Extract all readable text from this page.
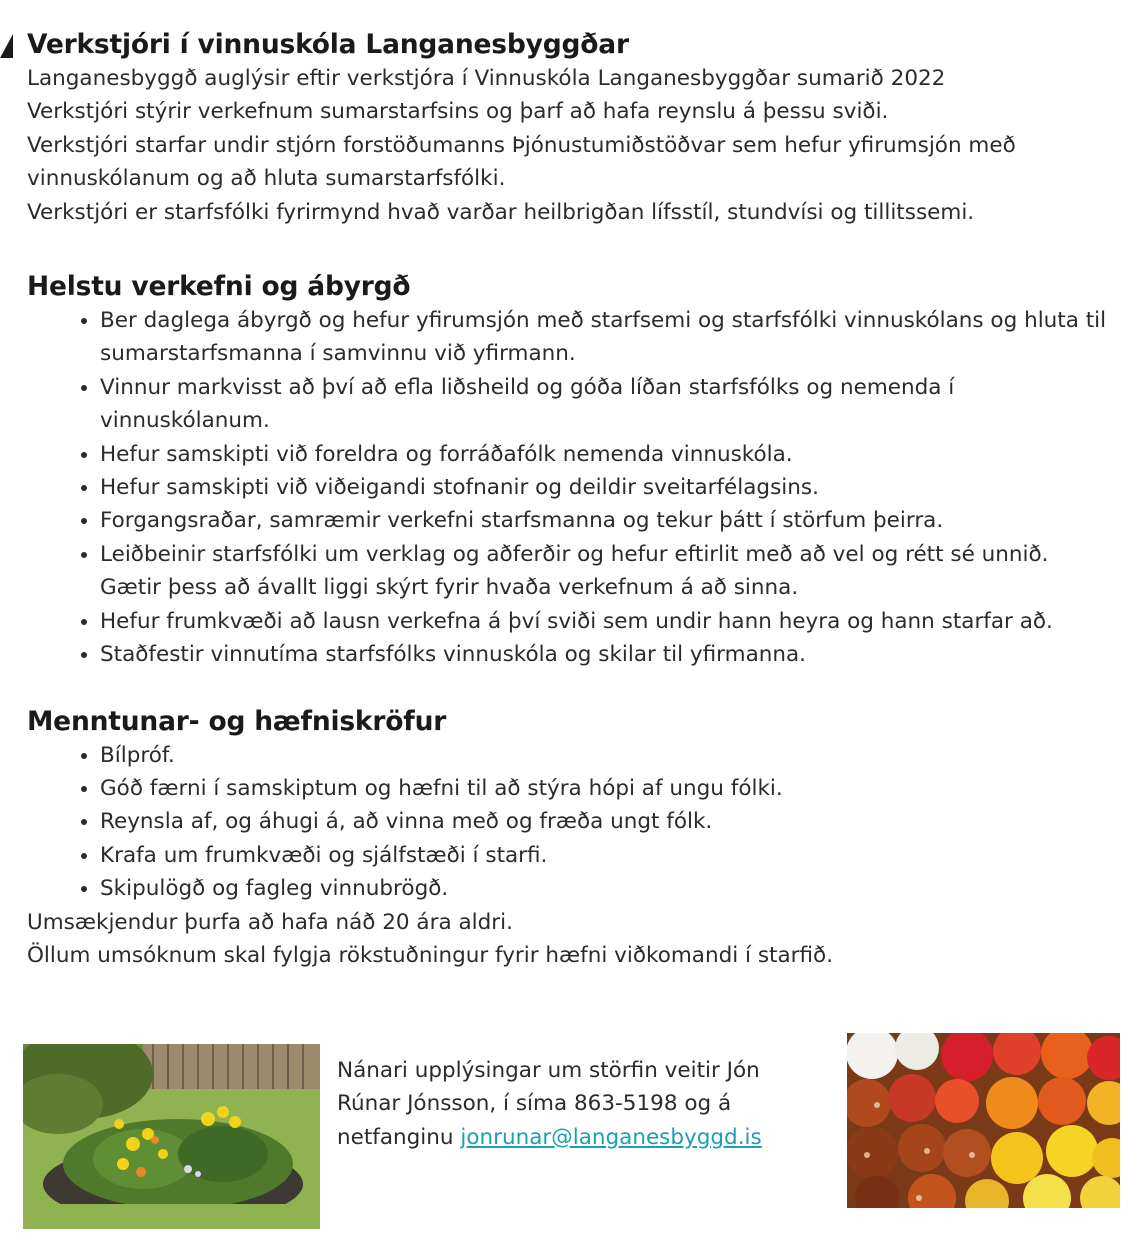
Verkstjóri í vinnuskóla Langanesbyggðar

Langanesbyggð auglýsir eftir verkstjóra í Vinnuskóla Langanesbyggðar sumarið 2022

Verkstjóri stýrir verkefnum sumarstarfsins og þarf að hafa reynslu á þessu sviði.

Verkstjóri starfar undir stjórn forstöðumanns Þjónustumiðstöðvar sem hefur yfirumsjón með vinnuskólanum og að hluta sumarstarfsfólki.

Verkstjóri er starfsfólki fyrirmynd hvað varðar heilbrigðan lífsstíl, stundvísi og tillitssemi.

Helstu verkefni og ábyrgð
• Ber daglega ábyrgð og hefur yfirumsjón með starfsemi og starfsfólki vinnuskólans og hluta til sumarstarfsmanna í samvinnu við yfirmann.
• Vinnur markvisst að því að efla liðsheild og góða líðan starfsfólks og nemenda í vinnuskólanum.
• Hefur samskipti við foreldra og forráðafólk nemenda vinnuskóla.
• Hefur samskipti við viðeigandi stofnanir og deildir sveitarfélagsins.
• Forgangsraðar, samræmir verkefni starfsmanna og tekur þátt í störfum þeirra.
• Leiðbeinir starfsfólki um verklag og aðferðir og hefur eftirlit með að vel og rétt sé unnið. Gætir þess að ávallt liggi skýrt fyrir hvaða verkefnum á að sinna.
• Hefur frumkvæði að lausn verkefna á því sviði sem undir hann heyra og hann starfar að.
• Staðfestir vinnutíma starfsfólks vinnuskóla og skilar til yfirmanna.
Menntunar- og hæfniskröfur
• Bílpróf.
• Góð færni í samskiptum og hæfni til að stýra hópi af ungu fólki.
• Reynsla af, og áhugi á, að vinna með og fræða ungt fólk.
• Krafa um frumkvæði og sjálfstæði í starfi.
• Skipulögð og fagleg vinnubrögð.

Umsækjendur þurfa að hafa náð 20 ára aldri.

Öllum umsóknum skal fylgja rökstuðningur fyrir hæfni viðkomandi í starfið.

Nánari upplýsingar um störfin veitir Jón Rúnar Jónsson, í síma 863-5198 og á netfanginu jonrunar@langanesbyggd.is
